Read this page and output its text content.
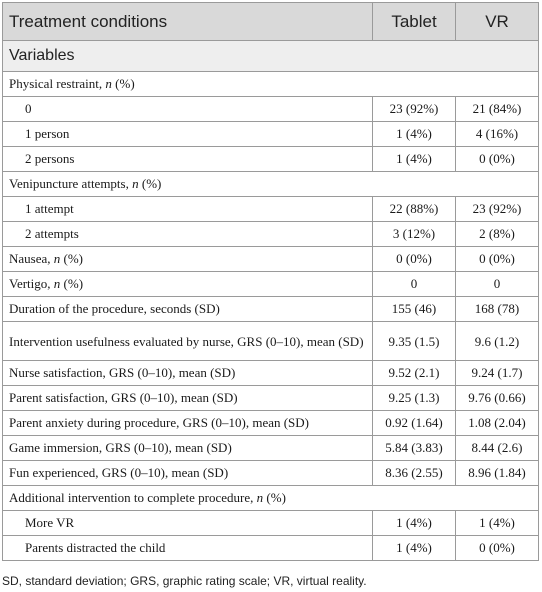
Treatment conditions	Tablet	VR
Variables		
Physical restraint, n (%)		
0	23 (92%)	21 (84%)
1 person	1 (4%)	4 (16%)
2 persons	1 (4%)	0 (0%)
Venipuncture attempts, n (%)		
1 attempt	22 (88%)	23 (92%)
2 attempts	3 (12%)	2 (8%)
Nausea, n (%)	0 (0%)	0 (0%)
Vertigo, n (%)	0	0
Duration of the procedure, seconds (SD)	155 (46)	168 (78)
Intervention usefulness evaluated by nurse, GRS (0–10), mean (SD)	9.35 (1.5)	9.6 (1.2)
Nurse satisfaction, GRS (0–10), mean (SD)	9.52 (2.1)	9.24 (1.7)
Parent satisfaction, GRS (0–10), mean (SD)	9.25 (1.3)	9.76 (0.66)
Parent anxiety during procedure, GRS (0–10), mean (SD)	0.92 (1.64)	1.08 (2.04)
Game immersion, GRS (0–10), mean (SD)	5.84 (3.83)	8.44 (2.6)
Fun experienced, GRS (0–10), mean (SD)	8.36 (2.55)	8.96 (1.84)
Additional intervention to complete procedure, n (%)		
More VR	1 (4%)	1 (4%)
Parents distracted the child	1 (4%)	0 (0%)
SD, standard deviation; GRS, graphic rating scale; VR, virtual reality.
